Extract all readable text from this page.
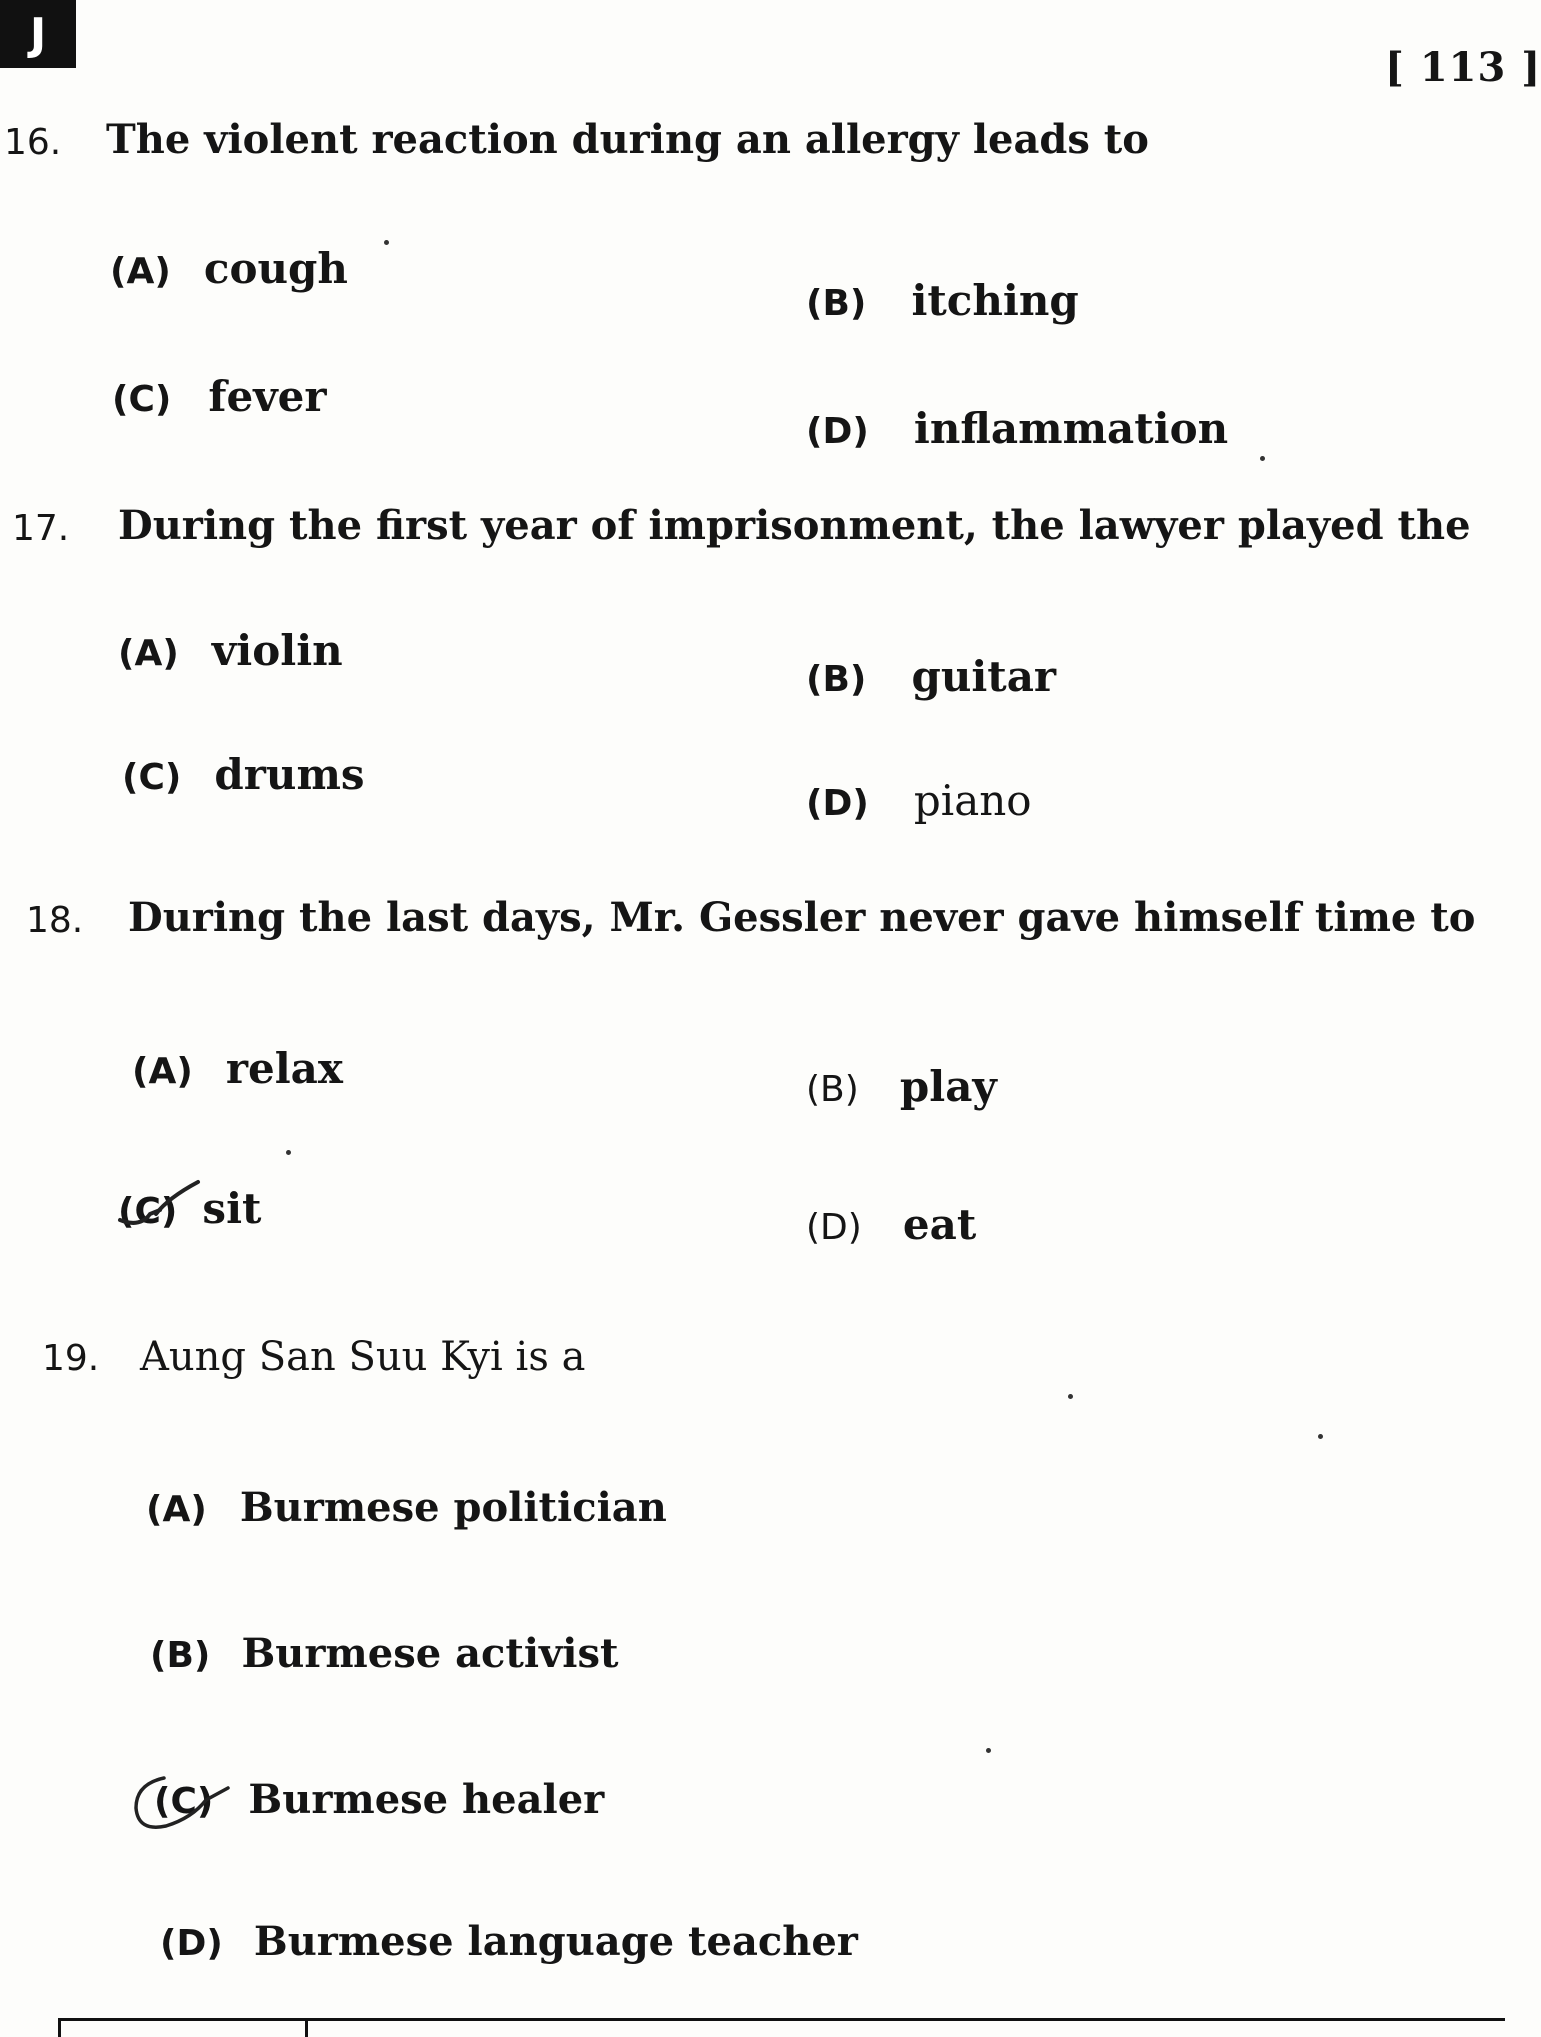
J
[ 113 ]
16. The violent reaction during an allergy leads to
(A) cough
(B) itching
(C) fever
(D) inflammation
17. During the first year of imprisonment, the lawyer played the
(A) violin
(B) guitar
(C) drums
(D) piano
18. During the last days, Mr. Gessler never gave himself time to
(A) relax	(B) play
(C) sit	(D) eat
19. Aung San Suu Kyi is a
(A) Burmese politician
(B) Burmese activist
(C) Burmese healer
(D) Burmese language teacher
